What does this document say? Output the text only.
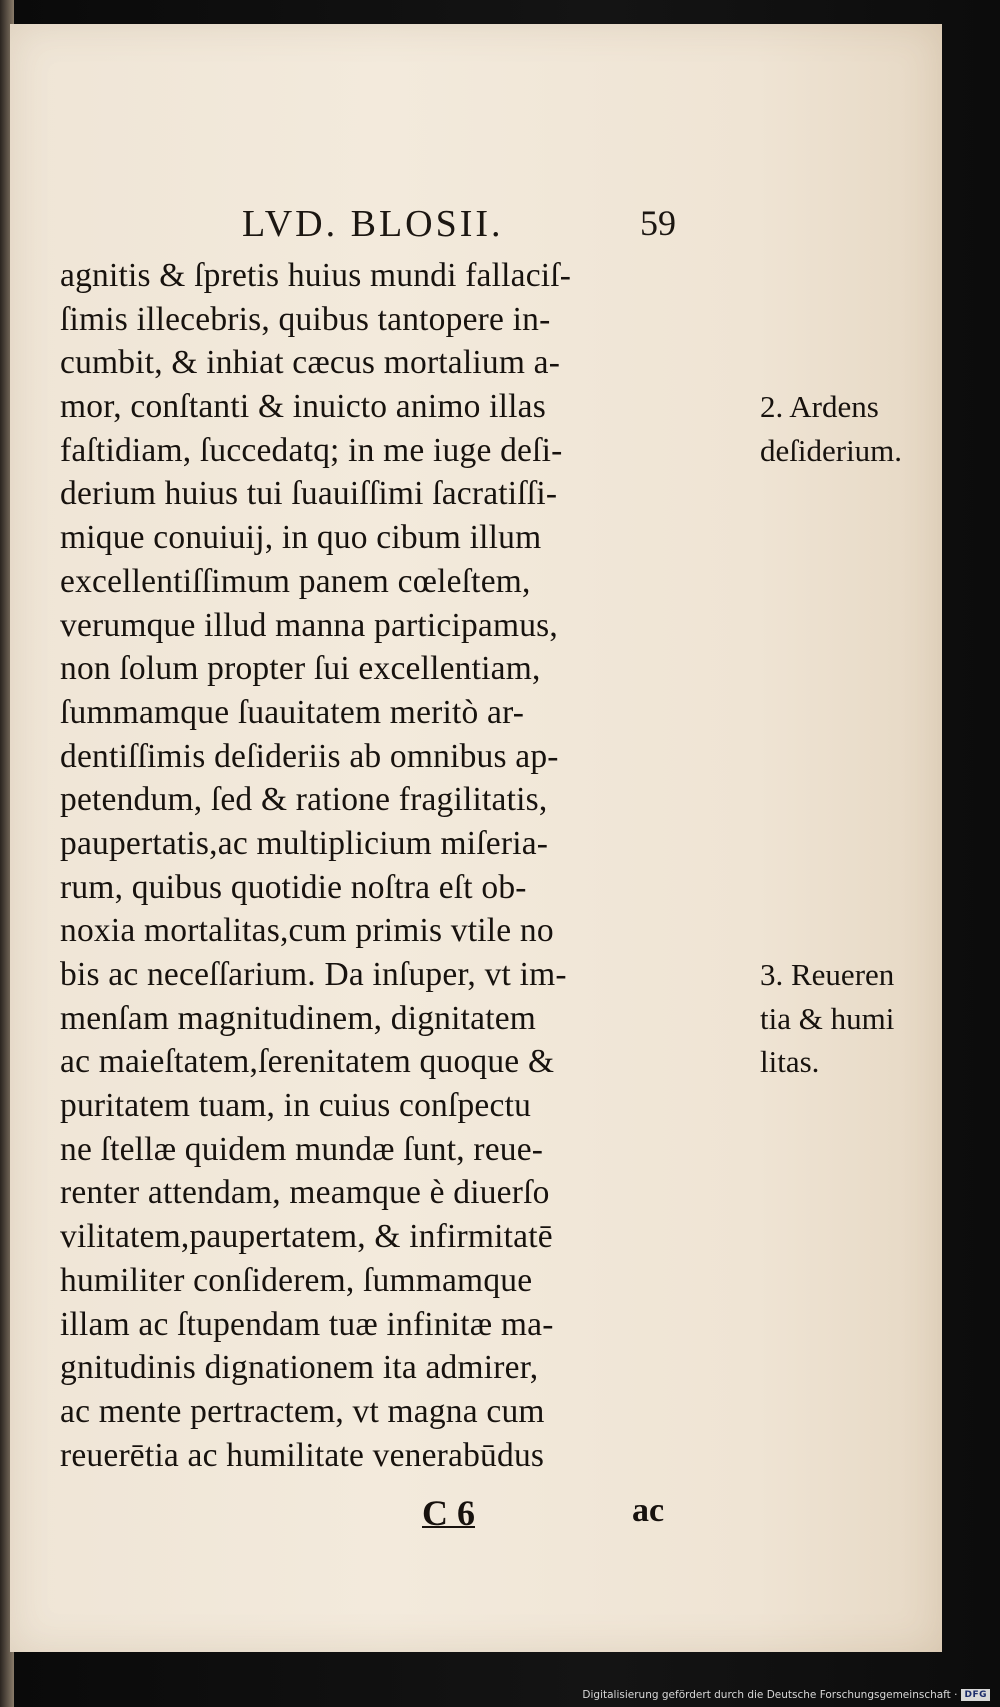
LVD. BLOSII.	59
agnitis & ſpretis huius mundi fallaciſ-
ſimis illecebris, quibus tantopere in-
cumbit, & inhiat cæcus mortalium a-
mor, conſtanti & inuicto animo illas
faſtidiam, ſuccedatq; in me iuge deſi-
derium huius tui ſuauiſſimi ſacratiſſi-
mique conuiuij, in quo cibum illum
excellentiſſimum panem cœleſtem,
verumque illud manna participamus,
non ſolum propter ſui excellentiam,
ſummamque ſuauitatem meritò ar-
dentiſſimis deſideriis ab omnibus ap-
petendum, ſed & ratione fragilitatis,
paupertatis,ac multiplicium miſeria-
rum, quibus quotidie noſtra eſt ob-
noxia mortalitas,cum primis vtile no
bis ac neceſſarium. Da inſuper, vt im-
menſam magnitudinem, dignitatem
ac maieſtatem,ſerenitatem quoque &
puritatem tuam, in cuius conſpectu
ne ſtellæ quidem mundæ ſunt, reue-
renter attendam, meamque è diuerſo
vilitatem,paupertatem, & infirmitatē
humiliter conſiderem, ſummamque
illam ac ſtupendam tuæ infinitæ ma-
gnitudinis dignationem ita admirer,
ac mente pertractem, vt magna cum
reuerētia ac humilitate venerabūdus
2. Ardens
deſiderium.
3. Reueren
tia & humi
litas.
C 6	ac
Digitalisierung gefördert durch die Deutsche Forschungsgemeinschaft · DFG
